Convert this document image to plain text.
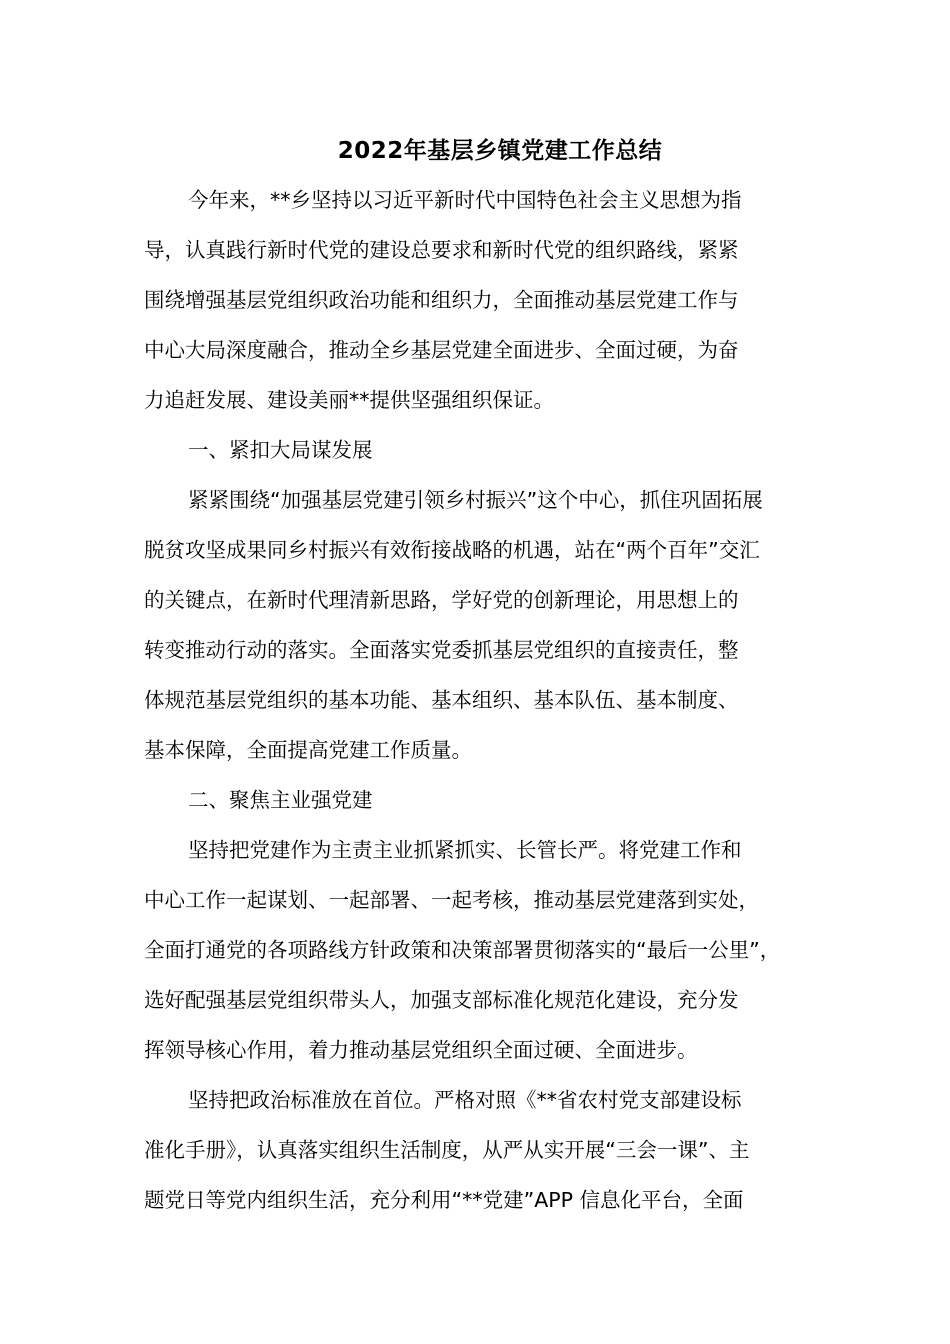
2022年基层乡镇党建工作总结
今年来，**乡坚持以习近平新时代中国特色社会主义思想为指
导，认真践行新时代党的建设总要求和新时代党的组织路线，紧紧
围绕增强基层党组织政治功能和组织力，全面推动基层党建工作与
中心大局深度融合，推动全乡基层党建全面进步、全面过硬，为奋
力追赶发展、建设美丽**提供坚强组织保证。
一、紧扣大局谋发展
紧紧围绕“加强基层党建引领乡村振兴”这个中心，抓住巩固拓展
脱贫攻坚成果同乡村振兴有效衔接战略的机遇，站在“两个百年”交汇
的关键点，在新时代理清新思路，学好党的创新理论，用思想上的
转变推动行动的落实。全面落实党委抓基层党组织的直接责任，整
体规范基层党组织的基本功能、基本组织、基本队伍、基本制度、
基本保障，全面提高党建工作质量。
二、聚焦主业强党建
坚持把党建作为主责主业抓紧抓实、长管长严。将党建工作和
中心工作一起谋划、一起部署、一起考核，推动基层党建落到实处，
全面打通党的各项路线方针政策和决策部署贯彻落实的“最后一公里”，
选好配强基层党组织带头人，加强支部标准化规范化建设，充分发
挥领导核心作用，着力推动基层党组织全面过硬、全面进步。
坚持把政治标准放在首位。严格对照《**省农村党支部建设标
准化手册》，认真落实组织生活制度，从严从实开展“三会一课”、主
题党日等党内组织生活，充分利用“**党建”APP 信息化平台，全面
